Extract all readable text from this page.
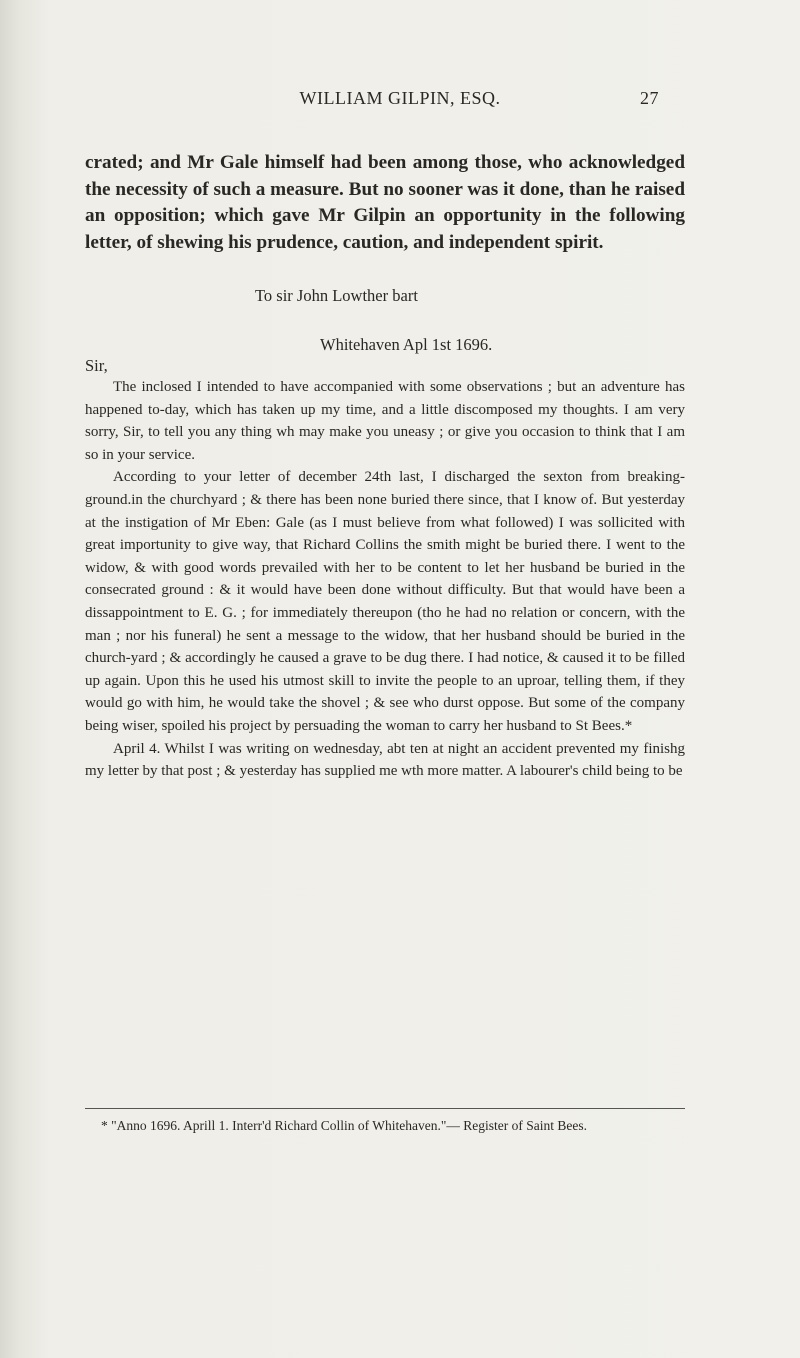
WILLIAM GILPIN, ESQ.	27

crated; and Mr Gale himself had been among those, who acknowledged the necessity of such a measure. But no sooner was it done, than he raised an opposition; which gave Mr Gilpin an opportunity in the following letter, of shewing his prudence, caution, and independent spirit.

To sir John Lowther bart
Whitehaven Apl 1st 1696.
Sir,

The inclosed I intended to have accompanied with some observations ; but an adventure has happened to-day, which has taken up my time, and a little discomposed my thoughts. I am very sorry, Sir, to tell you any thing wh may make you uneasy ; or give you occasion to think that I am so in your service.

According to your letter of december 24th last, I discharged the sexton from breaking-ground.in the churchyard ; & there has been none buried there since, that I know of. But yesterday at the instigation of Mr Eben: Gale (as I must believe from what followed) I was sollicited with great importunity to give way, that Richard Collins the smith might be buried there. I went to the widow, & with good words prevailed with her to be content to let her husband be buried in the consecrated ground : & it would have been done without difficulty. But that would have been a dissappointment to E. G. ; for immediately thereupon (tho he had no relation or concern, with the man ; nor his funeral) he sent a message to the widow, that her husband should be buried in the church-yard ; & accordingly he caused a grave to be dug there. I had notice, & caused it to be filled up again. Upon this he used his utmost skill to invite the people to an uproar, telling them, if they would go with him, he would take the shovel ; & see who durst oppose. But some of the company being wiser, spoiled his project by persuading the woman to carry her husband to St Bees.*

April 4. Whilst I was writing on wednesday, abt ten at night an accident prevented my finishg my letter by that post ; & yesterday has supplied me wth more matter. A labourer's child being to be

* "Anno 1696. Aprill 1. Interr'd Richard Collin of Whitehaven."— Register of Saint Bees.
